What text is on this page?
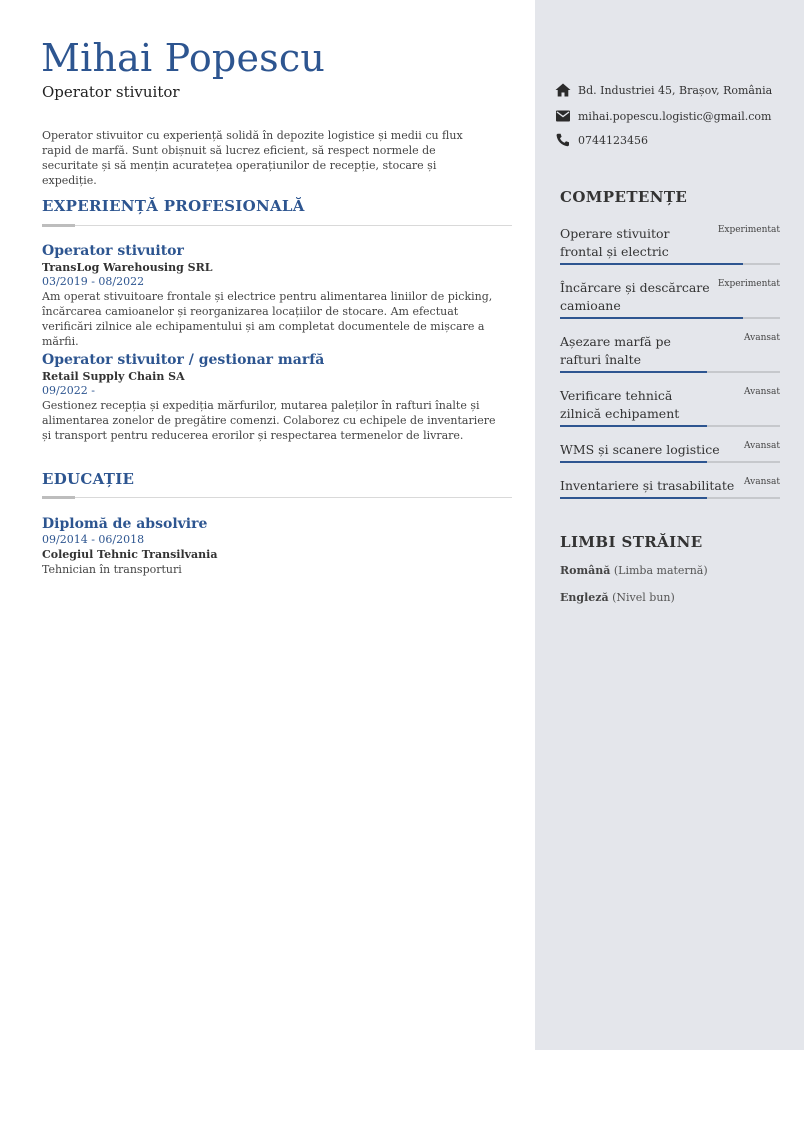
Mihai Popescu
Operator stivuitor
Operator stivuitor cu experiență solidă în depozite logistice și medii cu flux rapid de marfă. Sunt obișnuit să lucrez eficient, să respect normele de securitate și să mențin acuratețea operațiunilor de recepție, stocare și expediție.
EXPERIENȚĂ PROFESIONALĂ
Operator stivuitor
TransLog Warehousing SRL
03/2019 - 08/2022
Am operat stivuitoare frontale și electrice pentru alimentarea liniilor de picking, încărcarea camioanelor și reorganizarea locațiilor de stocare. Am efectuat verificări zilnice ale echipamentului și am completat documentele de mișcare a mărfii.
Operator stivuitor / gestionar marfă
Retail Supply Chain SA
09/2022 -
Gestionez recepția și expediția mărfurilor, mutarea paleților în rafturi înalte și alimentarea zonelor de pregătire comenzi. Colaborez cu echipele de inventariere și transport pentru reducerea erorilor și respectarea termenelor de livrare.
EDUCAȚIE
Diplomă de absolvire
09/2014 - 06/2018
Colegiul Tehnic Transilvania
Tehnician în transporturi
Bd. Industriei 45, Brașov, România
mihai.popescu.logistic@gmail.com
0744123456
COMPETENȚE
Operare stivuitor frontal și electric
Experimentat
Încărcare și descărcare camioane
Experimentat
Așezare marfă pe rafturi înalte
Avansat
Verificare tehnică zilnică echipament
Avansat
WMS și scanere logistice	Avansat
Inventariere și trasabilitate	Avansat
LIMBI STRĂINE
Română (Limba maternă)
Engleză (Nivel bun)
